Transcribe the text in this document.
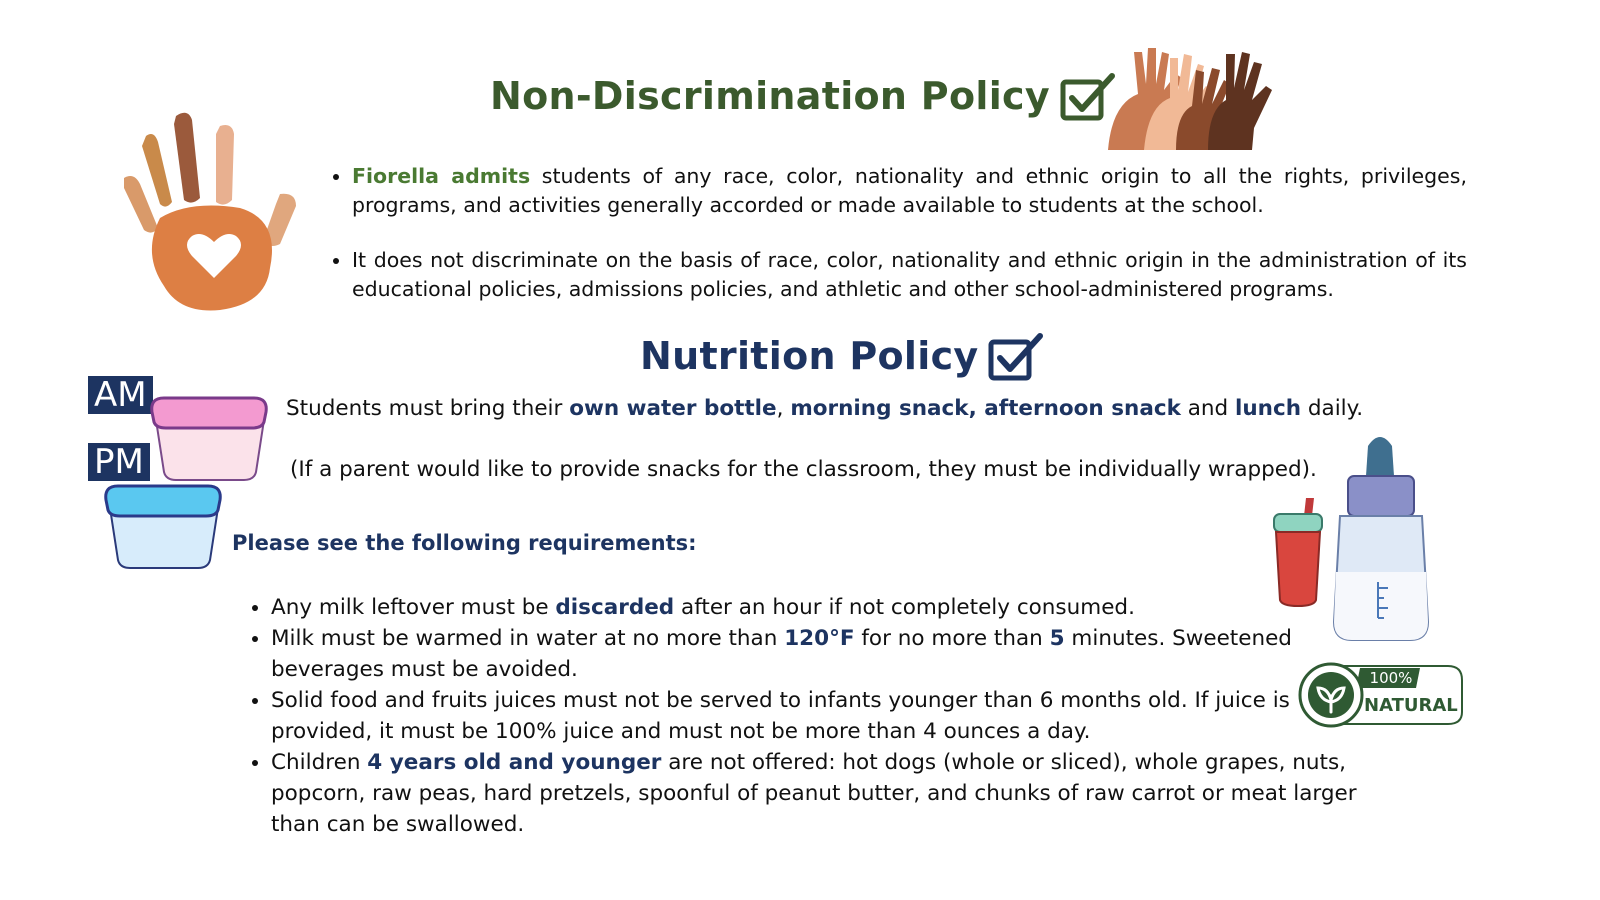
Non-Discrimination Policy
• Fiorella admits students of any race, color, nationality and ethnic origin to all the rights, privileges, programs, and activities generally accorded or made available to students at the school.
• It does not discriminate on the basis of race, color, nationality and ethnic origin in the administration of its educational policies, admissions policies, and athletic and other school-administered programs.
Nutrition Policy
AM
PM
Students must bring their own water bottle, morning snack, afternoon snack and lunch daily.
(If a parent would like to provide snacks for the classroom, they must be individually wrapped).
Please see the following requirements:
• Any milk leftover must be discarded after an hour if not completely consumed.
• Milk must be warmed in water at no more than 120°F for no more than 5 minutes. Sweetened beverages must be avoided.
• Solid food and fruits juices must not be served to infants younger than 6 months old. If juice is provided, it must be 100% juice and must not be more than 4 ounces a day.
• Children 4 years old and younger are not offered: hot dogs (whole or sliced), whole grapes, nuts, popcorn, raw peas, hard pretzels, spoonful of peanut butter, and chunks of raw carrot or meat larger than can be swallowed.
100%
NATURAL
